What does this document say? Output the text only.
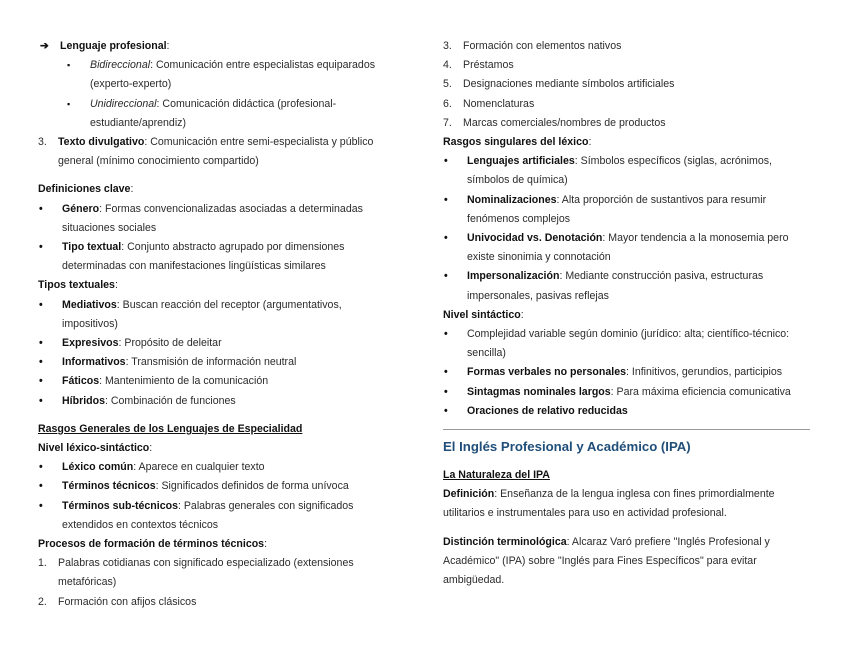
➔ Lenguaje profesional:
▪ Bidireccional: Comunicación entre especialistas equiparados (experto-experto)
▪ Unidireccional: Comunicación didáctica (profesional-estudiante/aprendiz)
3. Texto divulgativo: Comunicación entre semi-especialista y público general (mínimo conocimiento compartido)
Definiciones clave:
• Género: Formas convencionalizadas asociadas a determinadas situaciones sociales
• Tipo textual: Conjunto abstracto agrupado por dimensiones determinadas con manifestaciones lingüísticas similares
Tipos textuales:
• Mediativos: Buscan reacción del receptor (argumentativos, impositivos)
• Expresivos: Propósito de deleitar
• Informativos: Transmisión de información neutral
• Fáticos: Mantenimiento de la comunicación
• Híbridos: Combinación de funciones
Rasgos Generales de los Lenguajes de Especialidad
Nivel léxico-sintáctico:
• Léxico común: Aparece en cualquier texto
• Términos técnicos: Significados definidos de forma unívoca
• Términos sub-técnicos: Palabras generales con significados extendidos en contextos técnicos
Procesos de formación de términos técnicos:
1. Palabras cotidianas con significado especializado (extensiones metafóricas)
2. Formación con afijos clásicos
3. Formación con elementos nativos
4. Préstamos
5. Designaciones mediante símbolos artificiales
6. Nomenclaturas
7. Marcas comerciales/nombres de productos
Rasgos singulares del léxico:
• Lenguajes artificiales: Símbolos específicos (siglas, acrónimos, símbolos de química)
• Nominalizaciones: Alta proporción de sustantivos para resumir fenómenos complejos
• Univocidad vs. Denotación: Mayor tendencia a la monosemia pero existe sinonimia y connotación
• Impersonalización: Mediante construcción pasiva, estructuras impersonales, pasivas reflejas
Nivel sintáctico:
• Complejidad variable según dominio (jurídico: alta; científico-técnico: sencilla)
• Formas verbales no personales: Infinitivos, gerundios, participios
• Sintagmas nominales largos: Para máxima eficiencia comunicativa
• Oraciones de relativo reducidas
El Inglés Profesional y Académico (IPA)
La Naturaleza del IPA
Definición: Enseñanza de la lengua inglesa con fines primordialmente utilitarios e instrumentales para uso en actividad profesional.
Distinción terminológica: Alcaraz Varó prefiere "Inglés Profesional y Académico" (IPA) sobre "Inglés para Fines Específicos" para evitar ambigüedad.
